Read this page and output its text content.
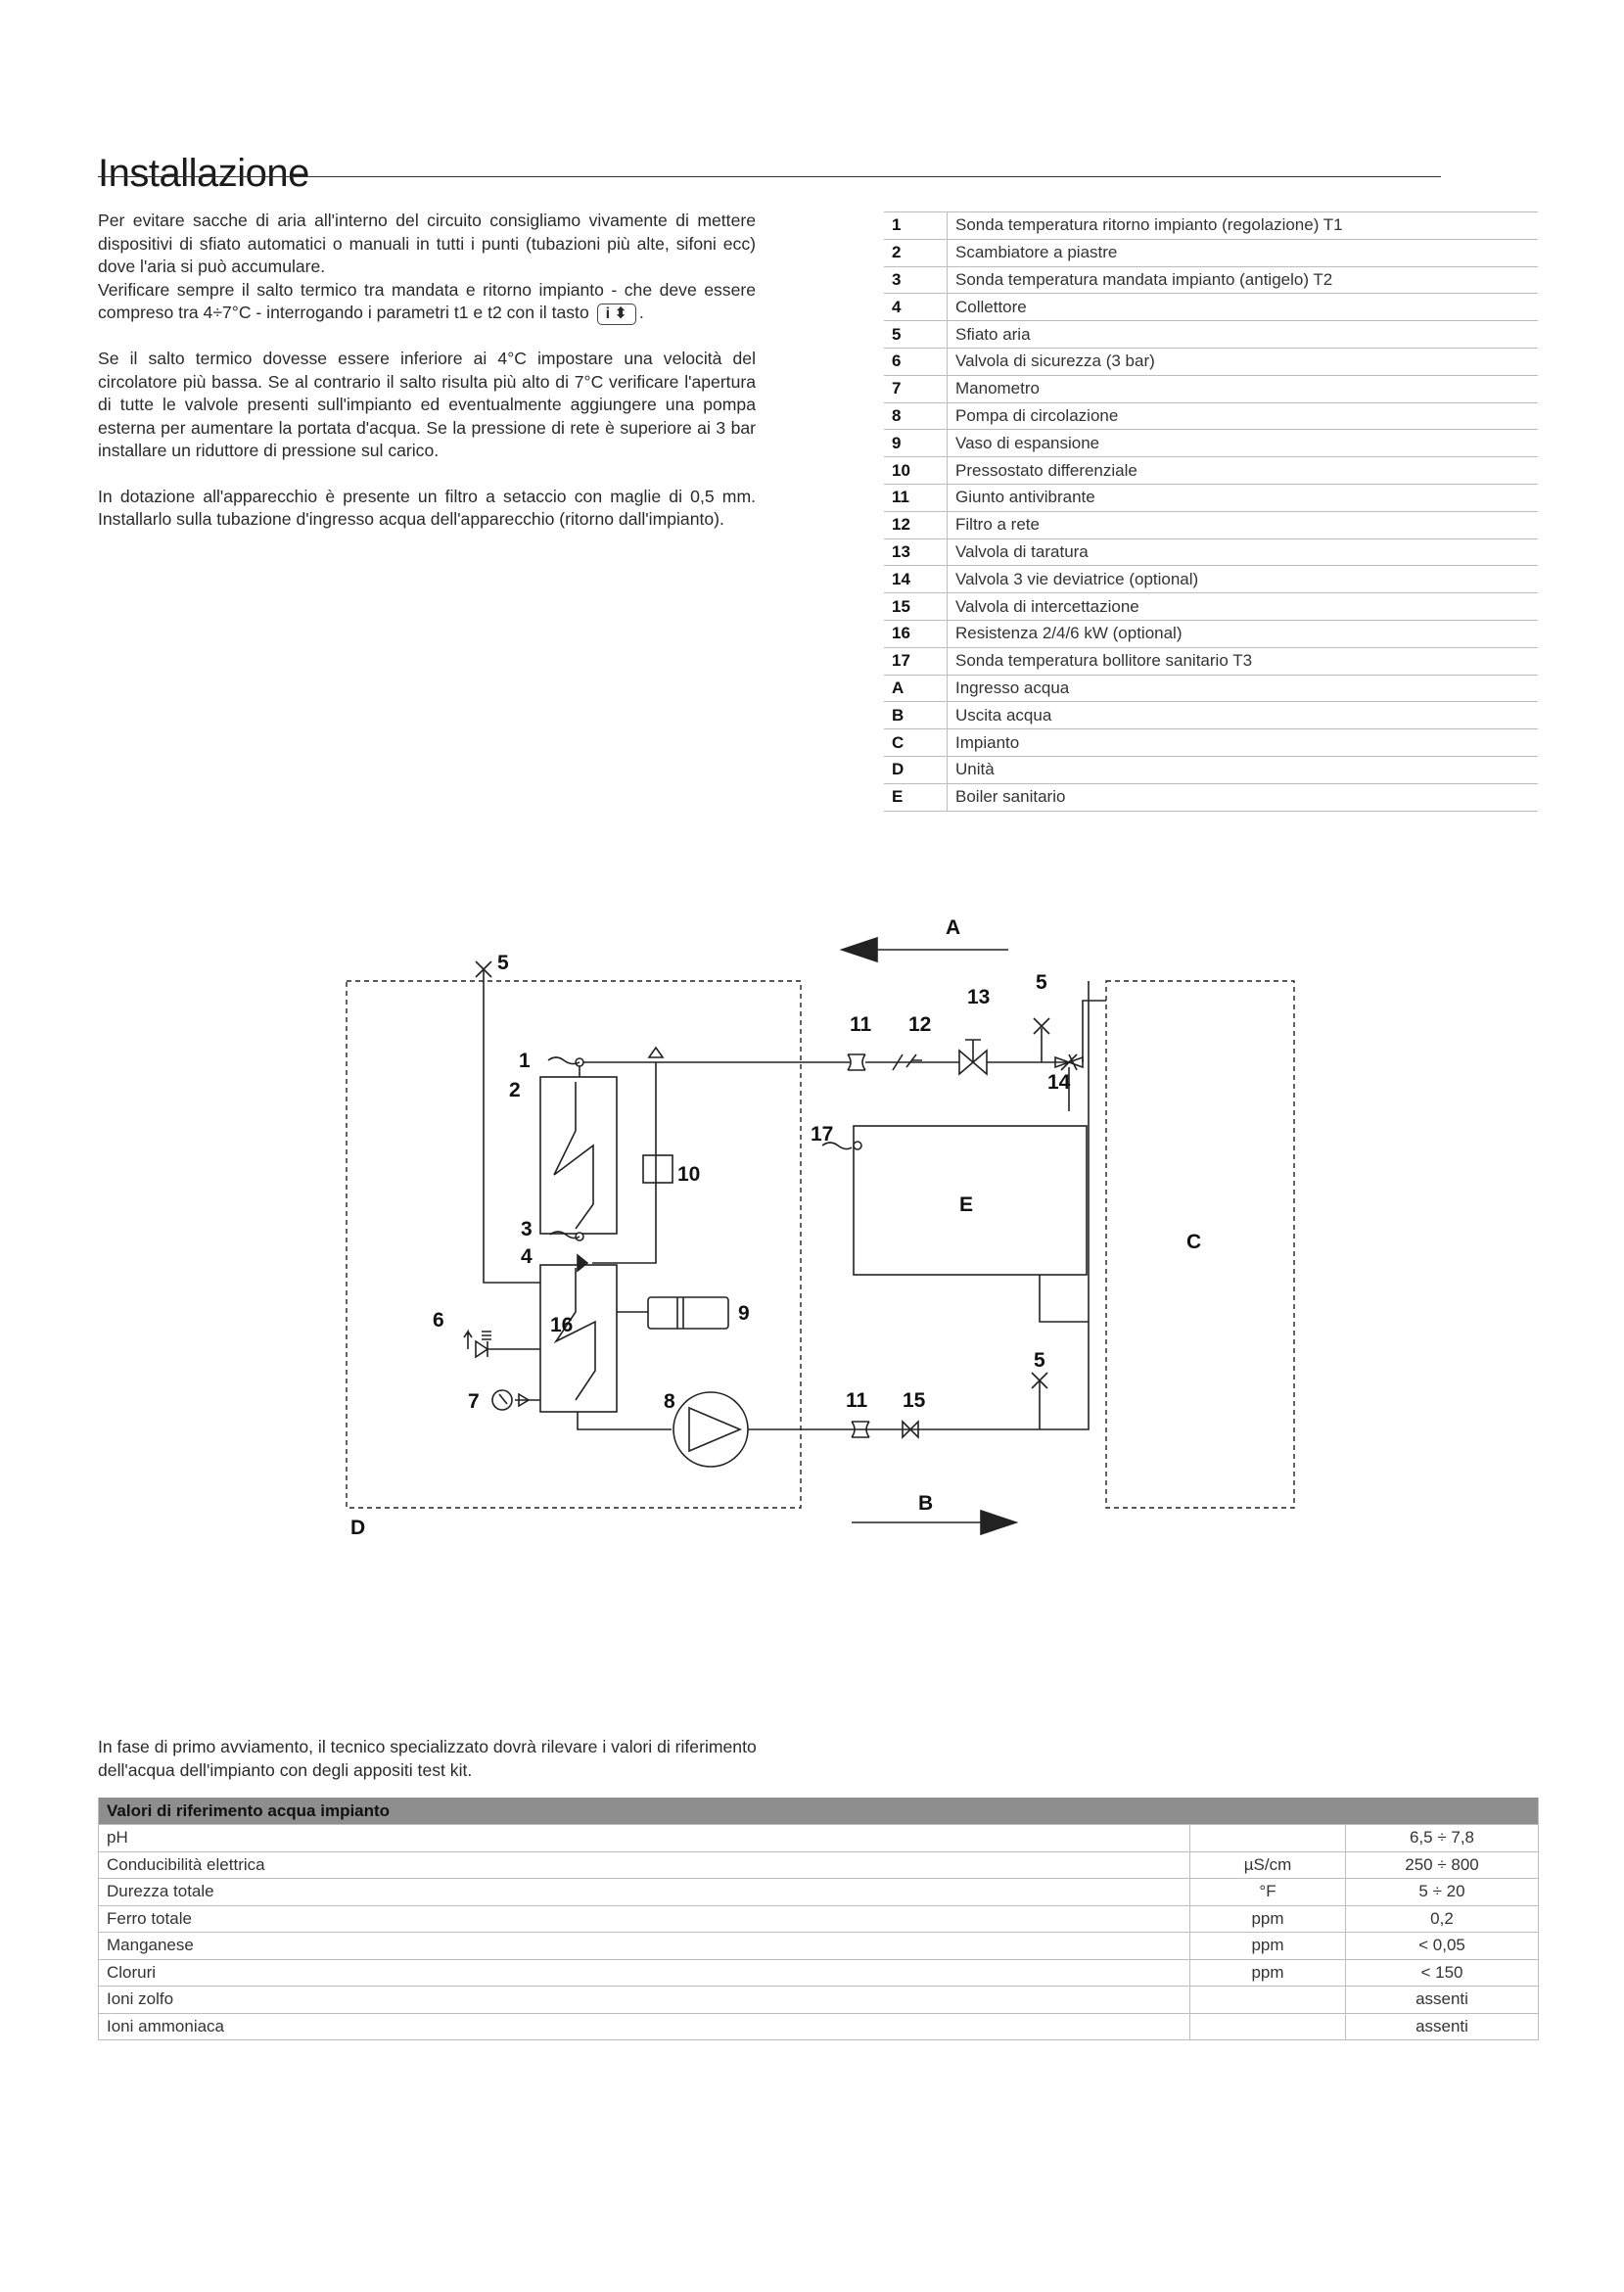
Installazione

Per evitare sacche di aria all'interno del circuito consigliamo vivamente di mettere dispositivi di sfiato automatici o manuali in tutti i punti (tubazioni più alte, sifoni ecc) dove l'aria si può accumulare.
Verificare sempre il salto termico tra mandata e ritorno impianto - che deve essere compreso tra 4÷7°C - interrogando i parametri t1 e t2 con il tasto i ⬍ .

Se il salto termico dovesse essere inferiore ai 4°C impostare una velocità del circolatore più bassa. Se al contrario il salto risulta più alto di 7°C verificare l'apertura di tutte le valvole presenti sull'impianto ed eventualmente aggiungere una pompa esterna per aumentare la portata d'acqua. Se la pressione di rete è superiore ai 3 bar installare un riduttore di pressione sul carico.

In dotazione all'apparecchio è presente un filtro a setaccio con maglie di 0,5 mm. Installarlo sulla tubazione d'ingresso acqua dell'apparecchio (ritorno dall'impianto).

1	Sonda temperatura ritorno impianto (regolazione) T1
2	Scambiatore a piastre
3	Sonda temperatura mandata impianto (antigelo) T2
4	Collettore
5	Sfiato aria
6	Valvola di sicurezza (3 bar)
7	Manometro
8	Pompa di circolazione
9	Vaso di espansione
10	Pressostato differenziale
11	Giunto antivibrante
12	Filtro a rete
13	Valvola di taratura
14	Valvola 3 vie deviatrice (optional)
15	Valvola di intercettazione
16	Resistenza 2/4/6 kW (optional)
17	Sonda temperatura bollitore sanitario T3
A	Ingresso acqua
B	Uscita acqua
C	Impianto
D	Unità
E	Boiler sanitario
5
1
2
10
3
4
9
6	16
7	8	11 15
5
17
E
C
D
11 12
13
5
14
A
B
In fase di primo avviamento, il tecnico specializzato dovrà rilevare i valori di riferimento dell'acqua dell'impianto con degli appositi test kit.
Valori di riferimento acqua impianto		
pH		6,5 ÷ 7,8
Conducibilità elettrica	µS/cm	250 ÷ 800
Durezza totale	°F	5 ÷ 20
Ferro totale	ppm	0,2
Manganese	ppm	< 0,05
Cloruri	ppm	< 150
Ioni zolfo		assenti
Ioni ammoniaca		assenti
